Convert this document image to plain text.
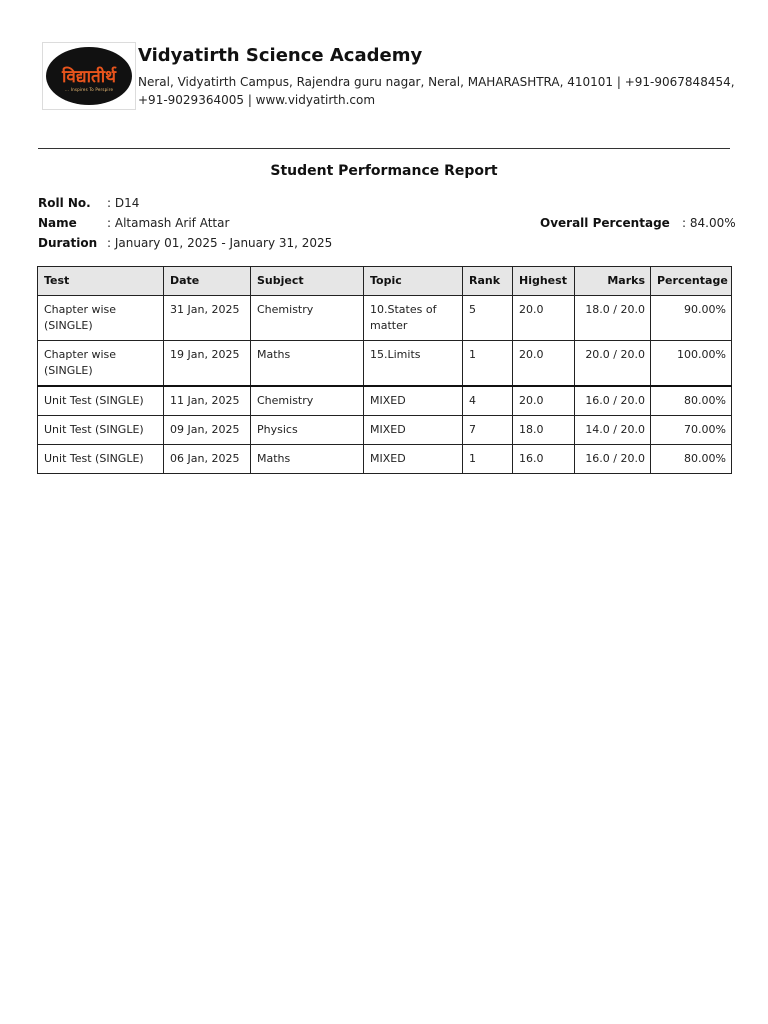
विद्यातीर्थ
... Inspires To Perspire
Vidyatirth Science Academy
Neral, Vidyatirth Campus, Rajendra guru nagar, Neral, MAHARASHTRA, 410101 | +91-9067848454,
+91-9029364005 | www.vidyatirth.com
Student Performance Report
Roll No. : D14
Name	: Altamash Arif Attar
Duration : January 01, 2025 - January 31, 2025
Overall Percentage : 84.00%
Test	Date	Subject	Topic	Rank	Highest	Marks	Percentage
Chapter wise (SINGLE)	31 Jan, 2025	Chemistry	10.States of matter	5	20.0	18.0 / 20.0	90.00%
Chapter wise (SINGLE)	19 Jan, 2025	Maths	15.Limits	1	20.0	20.0 / 20.0	100.00%
Unit Test (SINGLE)	11 Jan, 2025	Chemistry	MIXED	4	20.0	16.0 / 20.0	80.00%
Unit Test (SINGLE)	09 Jan, 2025	Physics	MIXED	7	18.0	14.0 / 20.0	70.00%
Unit Test (SINGLE)	06 Jan, 2025	Maths	MIXED	1	16.0	16.0 / 20.0	80.00%
